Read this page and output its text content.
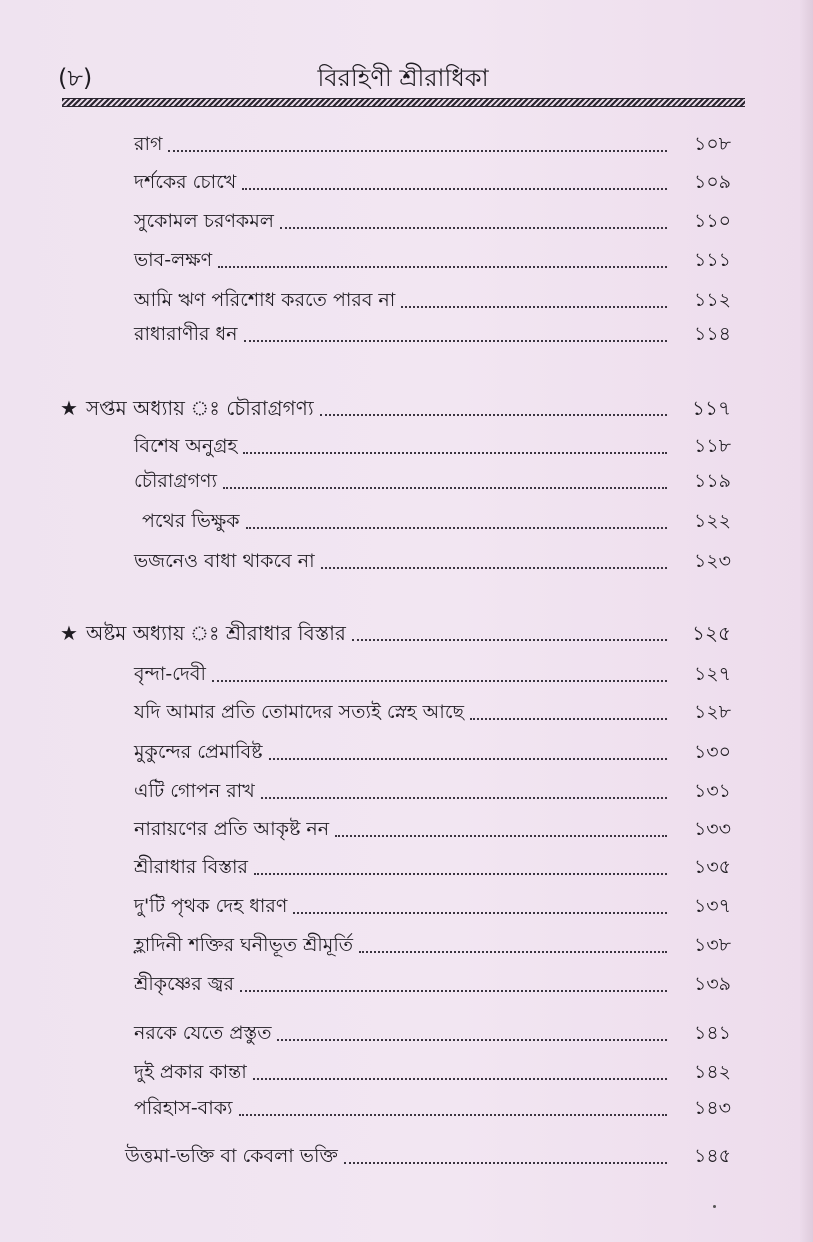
(৮)	বিরহিণী শ্রীরাধিকা
রাগ	১০৮
দর্শকের চোখে	১০৯
সুকোমল চরণকমল	১১০
ভাব-লক্ষণ	১১১
আমি ঋণ পরিশোধ করতে পারব না	১১২
রাধারাণীর ধন	১১৪
★ সপ্তম অধ্যায় ঃ চৌরাগ্রগণ্য	১১৭
বিশেষ অনুগ্রহ	১১৮
চৌরাগ্রগণ্য	১১৯
পথের ভিক্ষুক	১২২
ভজনেও বাধা থাকবে না	১২৩
★ অষ্টম অধ্যায় ঃ শ্রীরাধার বিস্তার	১২৫
বৃন্দা-দেবী	১২৭
যদি আমার প্রতি তোমাদের সত্যই স্নেহ আছে	১২৮
মুকুন্দের প্রেমাবিষ্ট	১৩০
এটি গোপন রাখ	১৩১
নারায়ণের প্রতি আকৃষ্ট নন	১৩৩
শ্রীরাধার বিস্তার	১৩৫
দু'টি পৃথক দেহ ধারণ	১৩৭
হ্লাদিনী শক্তির ঘনীভূত শ্রীমূর্তি	১৩৮
শ্রীকৃষ্ণের জ্বর	১৩৯
নরকে যেতে প্রস্তুত	১৪১
দুই প্রকার কান্তা	১৪২
পরিহাস-বাক্য	১৪৩
উত্তমা-ভক্তি বা কেবলা ভক্তি	১৪৫
